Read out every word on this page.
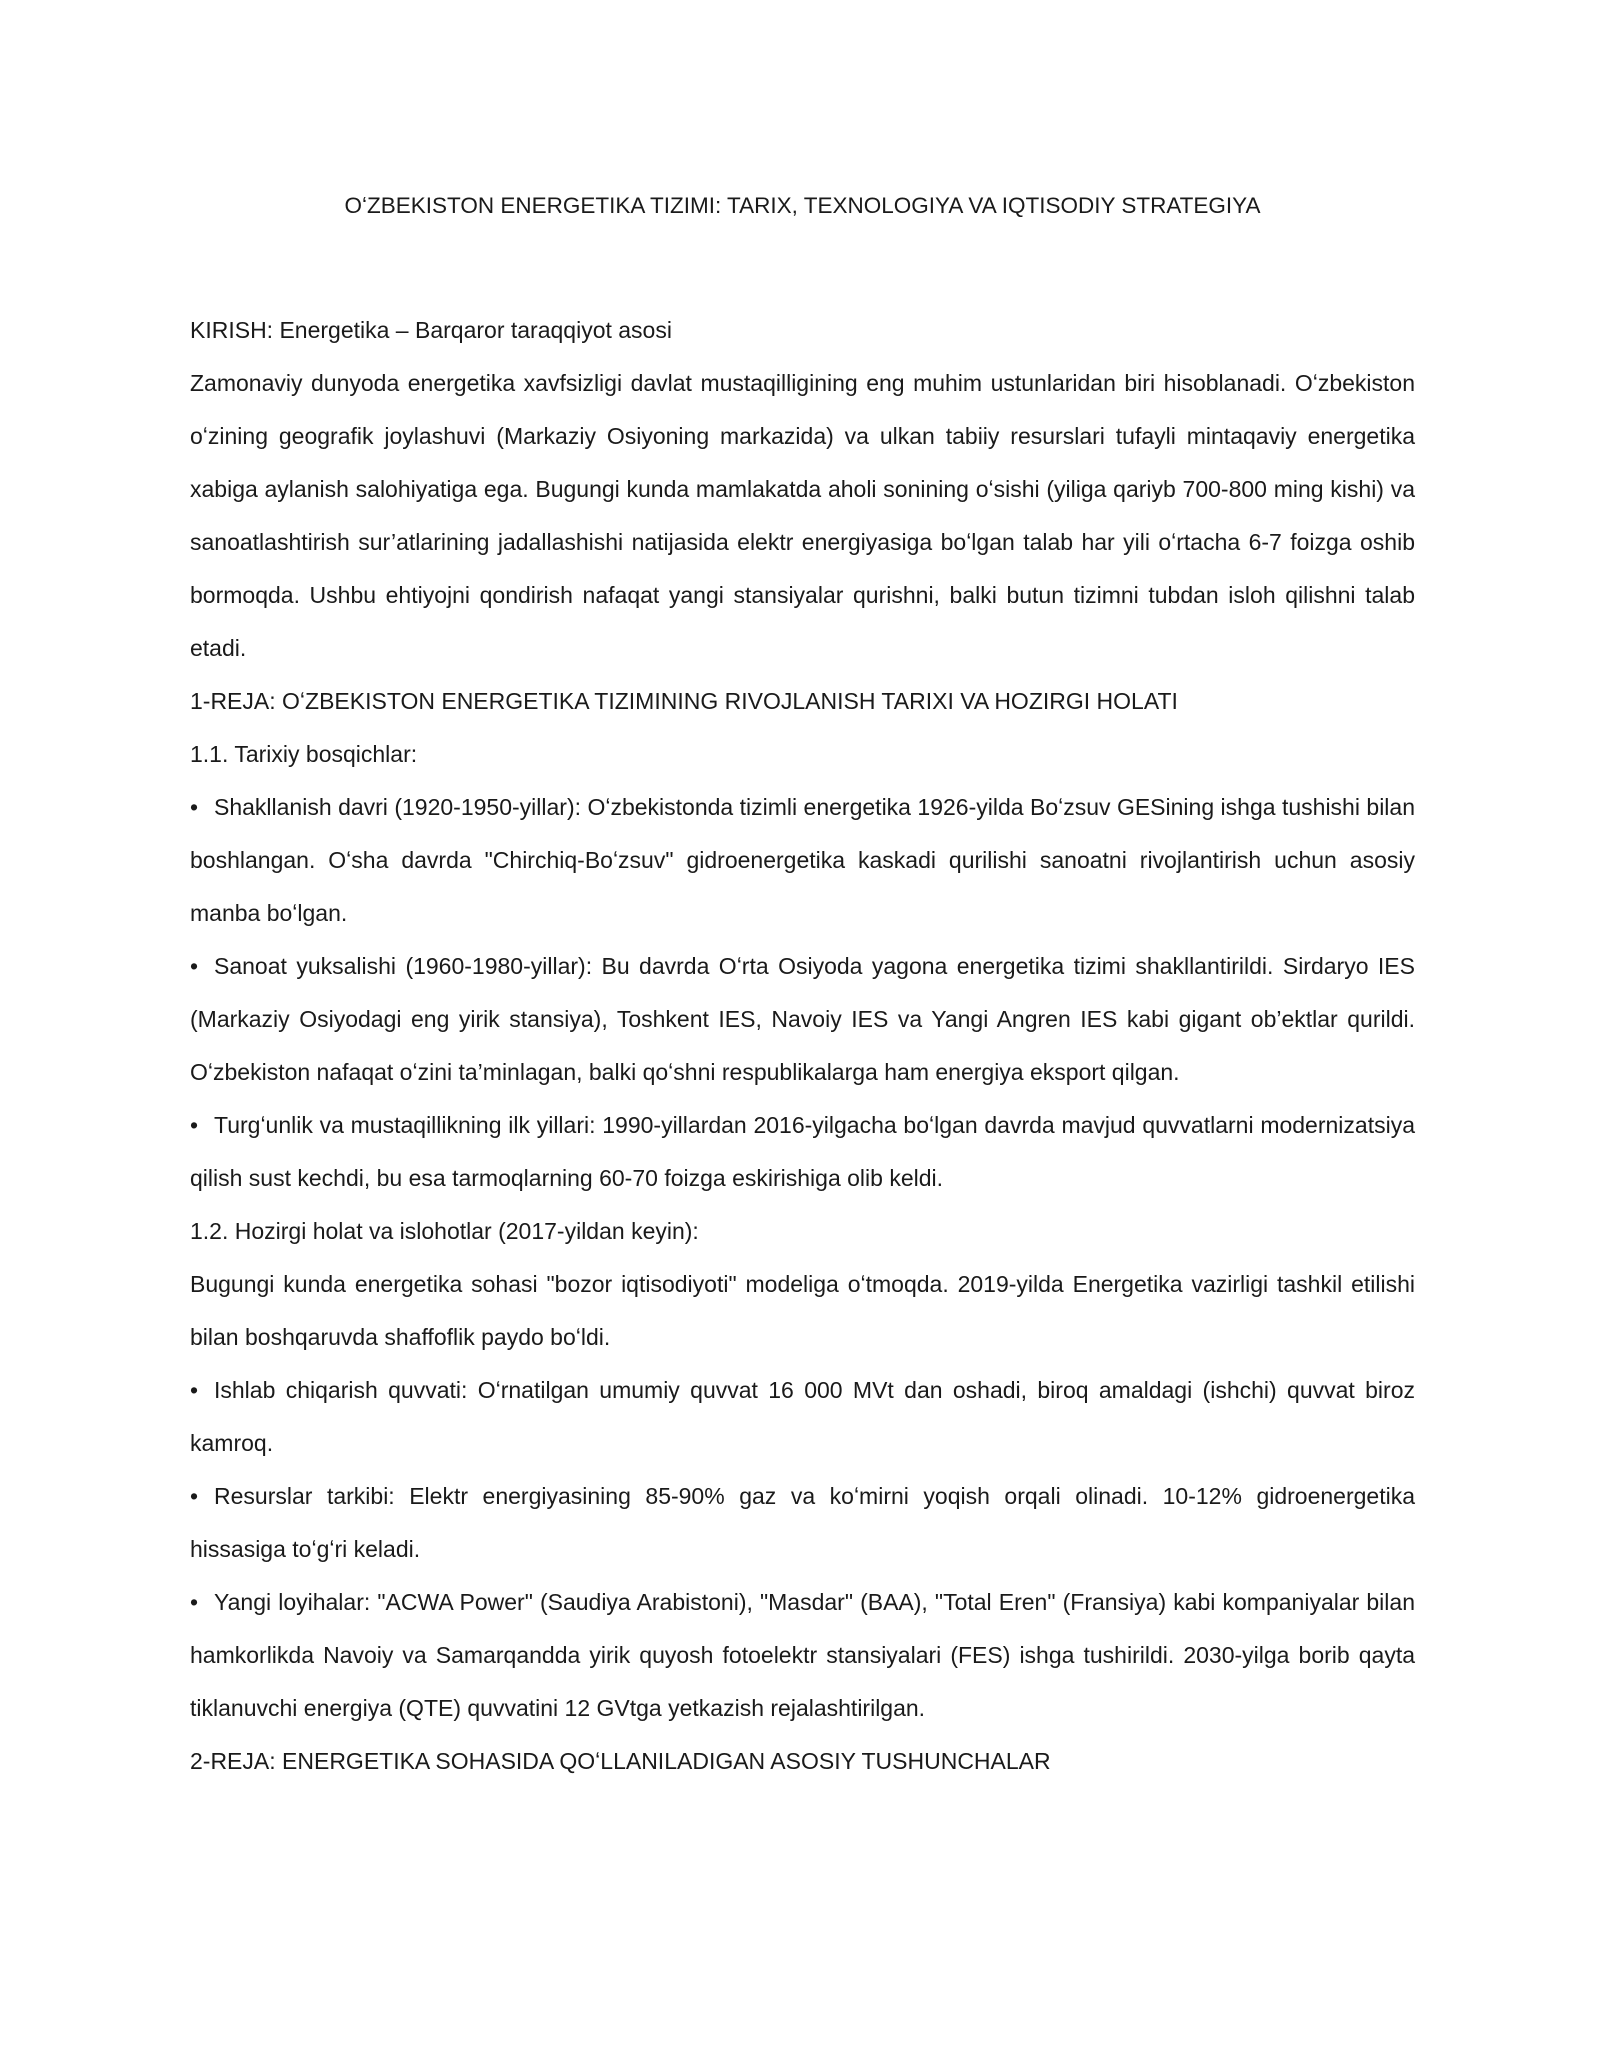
OʻZBEKISTON ENERGETIKA TIZIMI: TARIX, TEXNOLOGIYA VA IQTISODIY STRATEGIYA
KIRISH: Energetika – Barqaror taraqqiyot asosi
Zamonaviy dunyoda energetika xavfsizligi davlat mustaqilligining eng muhim ustunlaridan biri hisoblanadi. Oʻzbekiston oʻzining geografik joylashuvi (Markaziy Osiyoning markazida) va ulkan tabiiy resurslari tufayli mintaqaviy energetika xabiga aylanish salohiyatiga ega. Bugungi kunda mamlakatda aholi sonining oʻsishi (yiliga qariyb 700-800 ming kishi) va sanoatlashtirish sur’atlarining jadallashishi natijasida elektr energiyasiga boʻlgan talab har yili oʻrtacha 6-7 foizga oshib bormoqda. Ushbu ehtiyojni qondirish nafaqat yangi stansiyalar qurishni, balki butun tizimni tubdan isloh qilishni talab etadi.
1-REJA: OʻZBEKISTON ENERGETIKA TIZIMINING RIVOJLANISH TARIXI VA HOZIRGI HOLATI
1.1. Tarixiy bosqichlar:
• Shakllanish davri (1920-1950-yillar): Oʻzbekistonda tizimli energetika 1926-yilda Boʻzsuv GESining ishga tushishi bilan boshlangan. Oʻsha davrda "Chirchiq-Boʻzsuv" gidroenergetika kaskadi qurilishi sanoatni rivojlantirish uchun asosiy manba boʻlgan.
• Sanoat yuksalishi (1960-1980-yillar): Bu davrda Oʻrta Osiyoda yagona energetika tizimi shakllantirildi. Sirdaryo IES (Markaziy Osiyodagi eng yirik stansiya), Toshkent IES, Navoiy IES va Yangi Angren IES kabi gigant ob’ektlar qurildi. Oʻzbekiston nafaqat oʻzini ta’minlagan, balki qoʻshni respublikalarga ham energiya eksport qilgan.
• Turgʻunlik va mustaqillikning ilk yillari: 1990-yillardan 2016-yilgacha boʻlgan davrda mavjud quvvatlarni modernizatsiya qilish sust kechdi, bu esa tarmoqlarning 60-70 foizga eskirishiga olib keldi.
1.2. Hozirgi holat va islohotlar (2017-yildan keyin):
Bugungi kunda energetika sohasi "bozor iqtisodiyoti" modeliga oʻtmoqda. 2019-yilda Energetika vazirligi tashkil etilishi bilan boshqaruvda shaffoflik paydo boʻldi.
• Ishlab chiqarish quvvati: Oʻrnatilgan umumiy quvvat 16 000 MVt dan oshadi, biroq amaldagi (ishchi) quvvat biroz kamroq.
• Resurslar tarkibi: Elektr energiyasining 85-90% gaz va koʻmirni yoqish orqali olinadi. 10-12% gidroenergetika hissasiga toʻgʻri keladi.
• Yangi loyihalar: "ACWA Power" (Saudiya Arabistoni), "Masdar" (BAA), "Total Eren" (Fransiya) kabi kompaniyalar bilan hamkorlikda Navoiy va Samarqandda yirik quyosh fotoelektr stansiyalari (FES) ishga tushirildi. 2030-yilga borib qayta tiklanuvchi energiya (QTE) quvvatini 12 GVtga yetkazish rejalashtirilgan.
2-REJA: ENERGETIKA SOHASIDA QOʻLLANILADIGAN ASOSIY TUSHUNCHALAR
